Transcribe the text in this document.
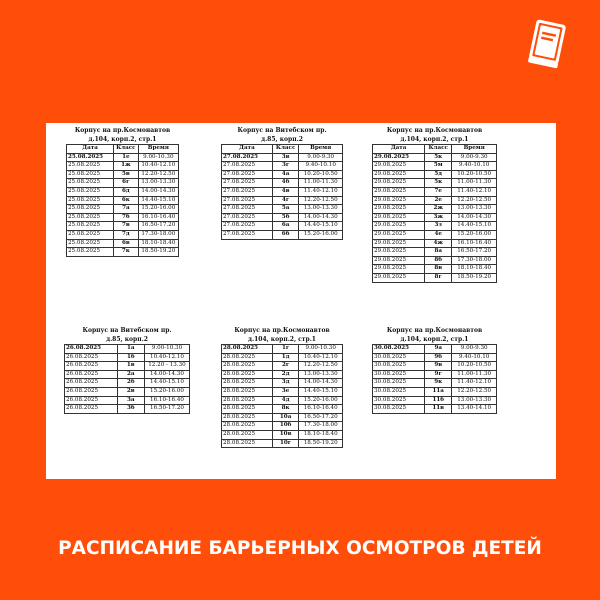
Корпус на пр.Космонавтов
д.104, корп.2, стр.1
Дата	Класс	Время
25.08.2025	1е	9.00-10.30
25.08.2025	1ж	10.40-12.10
25.08.2025	5в	12.20-12.50
25.08.2025	6г	13.00-13.30
25.08.2025	6д	14.00-14.30
25.08.2025	6к	14.40-15.10
25.08.2025	7а	15.20-16.00
25.08.2025	7б	16.10-16.40
25.08.2025	7в	16.50-17.20
25.08.2025	7д	17.30-18.00
25.08.2025	6в	18.10-18.40
25.08.2025	7к	18.50-19.20
Корпус на Витебском пр.
д.85, корп.2
Дата	Класс	Время
27.08.2025	3в	9.00-9.30
27.08.2025	3г	9.40-10.10
27.08.2025	4а	10.20-10.50
27.08.2025	4б	11.00-11.30
27.08.2025	4в	11.40-12.10
27.08.2025	4г	12.20-12.50
27.08.2025	5а	13.00-13.30
27.08.2025	5б	14.00-14.30
27.08.2025	6а	14.40-15.10
27.08.2025	6б	15.20-16.00
Корпус на пр.Космонавтов
д.104, корп.2, стр.1
Дата	Класс	Время
29.08.2025	5к	9.00-9.30
29.08.2025	5м	9.40-10.10
29.08.2025	5д	10.20-10.50
29.08.2025	5к	11.00-11.30
29.08.2025	7е	11.40-12.10
29.08.2025	2е	12.20-12.50
29.08.2025	2ж	13.00-13.30
29.08.2025	3ж	14.00-14.30
29.08.2025	3з	14.40-15.10
29.08.2025	4е	15.20-16.00
29.08.2025	4ж	16.10-16.40
29.08.2025	8а	16.50-17.20
29.08.2025	8б	17.30-18.00
29.08.2025	8в	18.10-18.40
29.08.2025	8г	18.50-19.20
Корпус на Витебском пр.
д.85, корп.2
26.08.2025	1а	9.00-10.30
26.08.2025	1б	10.40-12.10
26.08.2025	1в	12.20 - 13.30
26.08.2025	2а	14.00-14.30
26.08.2025	2б	14.40-15.10
26.08.2025	2в	15.20-16.00
26.08.2025	3а	16.10-16.40
26.08.2025	3б	16.50-17.20
Корпус на пр.Космонавтов
д.104, корп.2, стр.1
28.08.2025	1г	9.00-10.30
28.08.2025	1д	10.40-12.10
28.08.2025	2г	12.20-12.50
28.08.2025	2д	13.00-13.30
28.08.2025	3д	14.00-14.30
28.08.2025	3е	14.40-15.10
28.08.2025	4д	15.20-16.00
28.08.2025	8к	16.10-16.40
28.08.2025	10а	16.50-17.20
28.08.2025	10б	17.30-18.00
28.08.2025	10в	18.10-18.40
28.08.2025	10г	18.50-19.20
Корпус на пр.Космонавтов
д.104, корп.2, стр.1
30.08.2025	9а	9.00-9.30
30.08.2025	9б	9.40-10.10
30.08.2025	9в	10.20-10.50
30.08.2025	9г	11.00-11.30
30.08.2025	9к	11.40-12.10
30.08.2025	11а	12.20-12.50
30.08.2025	11б	13.00-13.30
30.08.2025	11в	13.40-14.10
РАСПИСАНИЕ БАРЬЕРНЫХ ОСМОТРОВ ДЕТЕЙ
